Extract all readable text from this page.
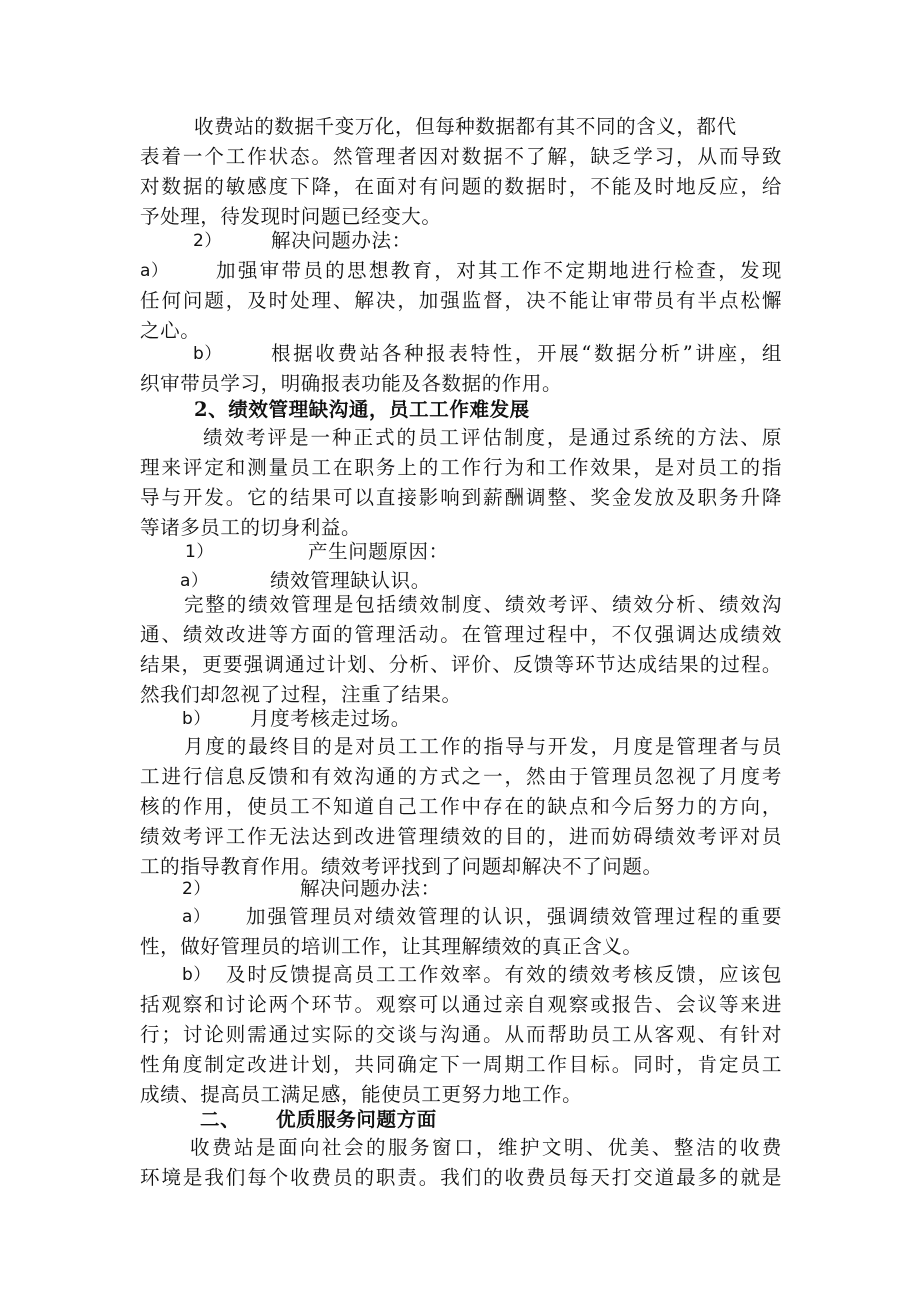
收费站的数据千变万化，但每种数据都有其不同的含义，都代
表着一个工作状态。然管理者因对数据不了解，缺乏学习，从而导致
对数据的敏感度下降，在面对有问题的数据时，不能及时地反应，给
予处理，待发现时问题已经变大。
2）	解决问题办法：
a）	加强审带员的思想教育，对其工作不定期地进行检查，发现
任何问题，及时处理、解决，加强监督，决不能让审带员有半点松懈
之心。
b）	根据收费站各种报表特性，开展“数据分析”讲座，组
织审带员学习，明确报表功能及各数据的作用。
2、绩效管理缺沟通，员工工作难发展
绩效考评是一种正式的员工评估制度，是通过系统的方法、原
理来评定和测量员工在职务上的工作行为和工作效果，是对员工的指
导与开发。它的结果可以直接影响到薪酬调整、奖金发放及职务升降
等诸多员工的切身利益。
1）	产生问题原因：
a）	绩效管理缺认识。
完整的绩效管理是包括绩效制度、绩效考评、绩效分析、绩效沟
通、绩效改进等方面的管理活动。在管理过程中，不仅强调达成绩效
结果，更要强调通过计划、分析、评价、反馈等环节达成结果的过程。
然我们却忽视了过程，注重了结果。
b）	月度考核走过场。
月度的最终目的是对员工工作的指导与开发，月度是管理者与员
工进行信息反馈和有效沟通的方式之一，然由于管理员忽视了月度考
核的作用，使员工不知道自己工作中存在的缺点和今后努力的方向，
绩效考评工作无法达到改进管理绩效的目的，进而妨碍绩效考评对员
工的指导教育作用。绩效考评找到了问题却解决不了问题。
2）	解决问题办法：
a）	加强管理员对绩效管理的认识，强调绩效管理过程的重要
性，做好管理员的培训工作，让其理解绩效的真正含义。
b） 及时反馈提高员工工作效率。有效的绩效考核反馈，应该包
括观察和讨论两个环节。观察可以通过亲自观察或报告、会议等来进
行；讨论则需通过实际的交谈与沟通。从而帮助员工从客观、有针对
性角度制定改进计划，共同确定下一周期工作目标。同时，肯定员工
成绩、提高员工满足感，能使员工更努力地工作。
二、	优质服务问题方面
收费站是面向社会的服务窗口，维护文明、优美、整洁的收费
环境是我们每个收费员的职责。我们的收费员每天打交道最多的就是
